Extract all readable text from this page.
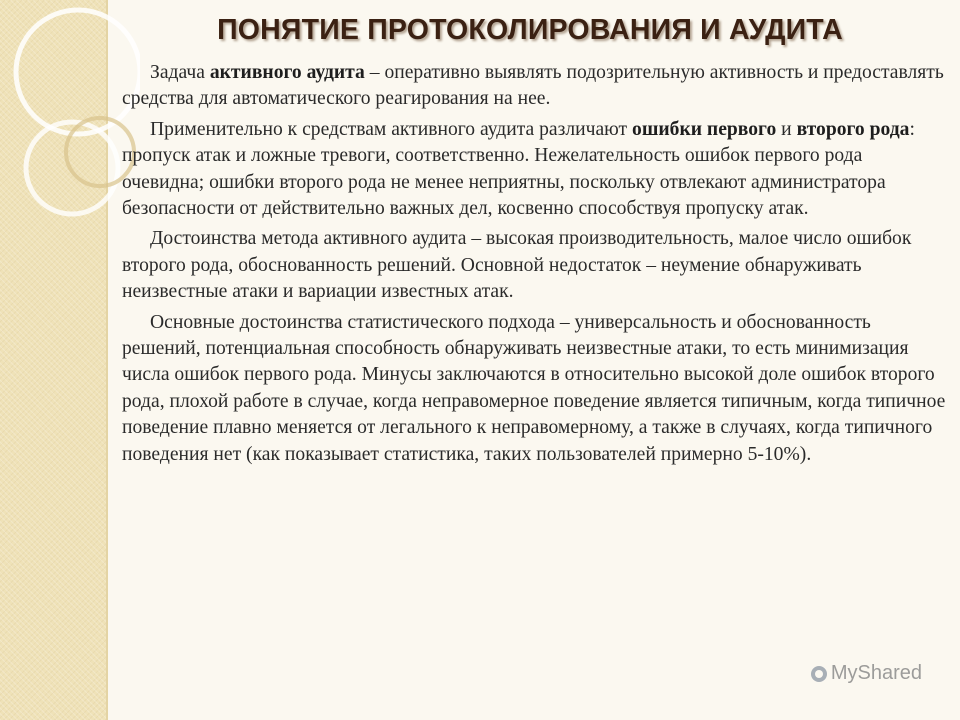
ПОНЯТИЕ ПРОТОКОЛИРОВАНИЯ И АУДИТА

Задача активного аудита – оперативно выявлять подозрительную активность и предоставлять средства для автоматического реагирования на нее.

Применительно к средствам активного аудита различают ошибки первого и второго рода: пропуск атак и ложные тревоги, соответственно. Нежелательность ошибок первого рода очевидна; ошибки второго рода не менее неприятны, поскольку отвлекают администратора безопасности от действительно важных дел, косвенно способствуя пропуску атак.

Достоинства метода активного аудита – высокая производительность, малое число ошибок второго рода, обоснованность решений. Основной недостаток – неумение обнаруживать неизвестные атаки и вариации известных атак.

Основные достоинства статистического подхода – универсальность и обоснованность решений, потенциальная способность обнаруживать неизвестные атаки, то есть минимизация числа ошибок первого рода. Минусы заключаются в относительно высокой доле ошибок второго рода, плохой работе в случае, когда неправомерное поведение является типичным, когда типичное поведение плавно меняется от легального к неправомерному, а также в случаях, когда типичного поведения нет (как показывает статистика, таких пользователей примерно 5-10%).

MyShared
